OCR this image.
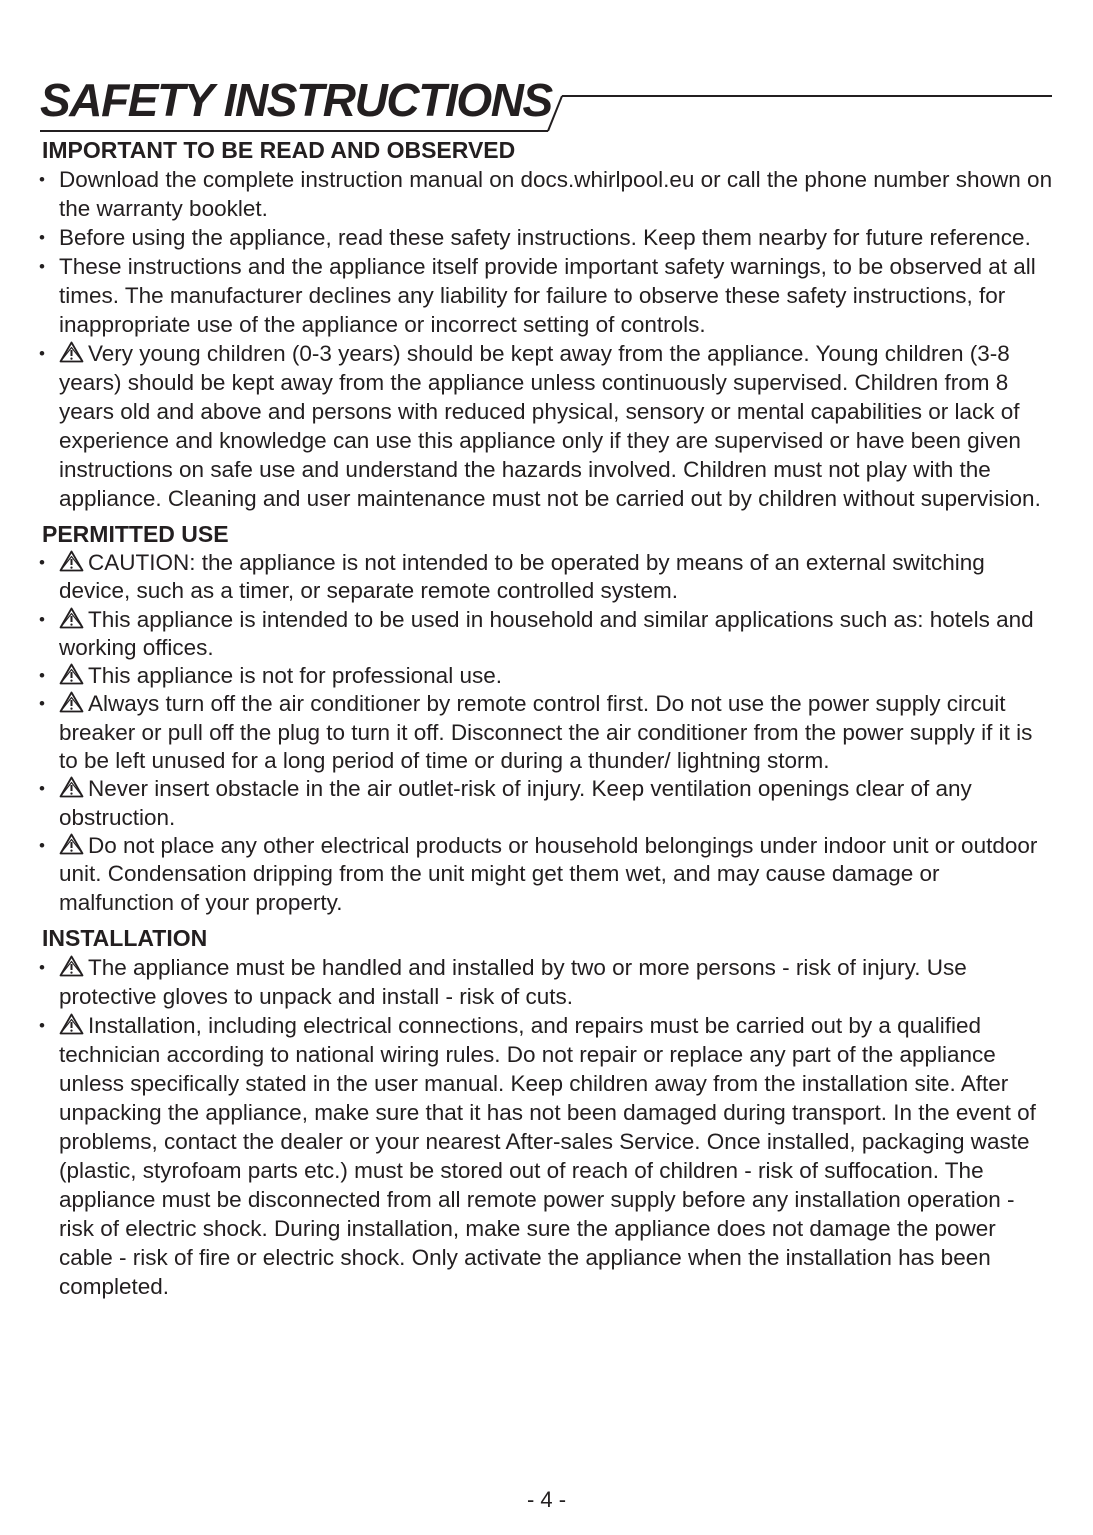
SAFETY INSTRUCTIONS
IMPORTANT TO BE READ AND OBSERVED
• Download the complete instruction manual on docs.whirlpool.eu or call the phone number shown on the warranty booklet.
• Before using the appliance, read these safety instructions. Keep them nearby for future reference.
• These instructions and the appliance itself provide important safety warnings, to be observed at all times. The manufacturer declines any liability for failure to observe these safety instructions, for inappropriate use of the appliance or incorrect setting of controls.
• Very young children (0-3 years) should be kept away from the appliance. Young children (3-8 years) should be kept away from the appliance unless continuously supervised. Children from 8 years old and above and persons with reduced physical, sensory or mental capabilities or lack of experience and knowledge can use this appliance only if they are supervised or have been given instructions on safe use and understand the hazards involved. Children must not play with the appliance. Cleaning and user maintenance must not be carried out by children without supervision.
PERMITTED USE
• CAUTION: the appliance is not intended to be operated by means of an external switching device, such as a timer, or separate remote controlled system.
• This appliance is intended to be used in household and similar applications such as: hotels and working offices.
• This appliance is not for professional use.
• Always turn off the air conditioner by remote control first. Do not use the power supply circuit breaker or pull off the plug to turn it off. Disconnect the air conditioner from the power supply if it is to be left unused for a long period of time or during a thunder/ lightning storm.
• Never insert obstacle in the air outlet-risk of injury. Keep ventilation openings clear of any obstruction.
• Do not place any other electrical products or household belongings under indoor unit or outdoor unit. Condensation dripping from the unit might get them wet, and may cause damage or malfunction of your property.
INSTALLATION
• The appliance must be handled and installed by two or more persons - risk of injury. Use protective gloves to unpack and install - risk of cuts.
• Installation, including electrical connections, and repairs must be carried out by a qualified technician according to national wiring rules. Do not repair or replace any part of the appliance unless specifically stated in the user manual. Keep children away from the installation site. After unpacking the appliance, make sure that it has not been damaged during transport. In the event of problems, contact the dealer or your nearest After-sales Service. Once installed, packaging waste (plastic, styrofoam parts etc.) must be stored out of reach of children - risk of suffocation. The appliance must be disconnected from all remote power supply before any installation operation - risk of electric shock. During installation, make sure the appliance does not damage the power cable - risk of fire or electric shock. Only activate the appliance when the installation has been completed.
- 4 -
